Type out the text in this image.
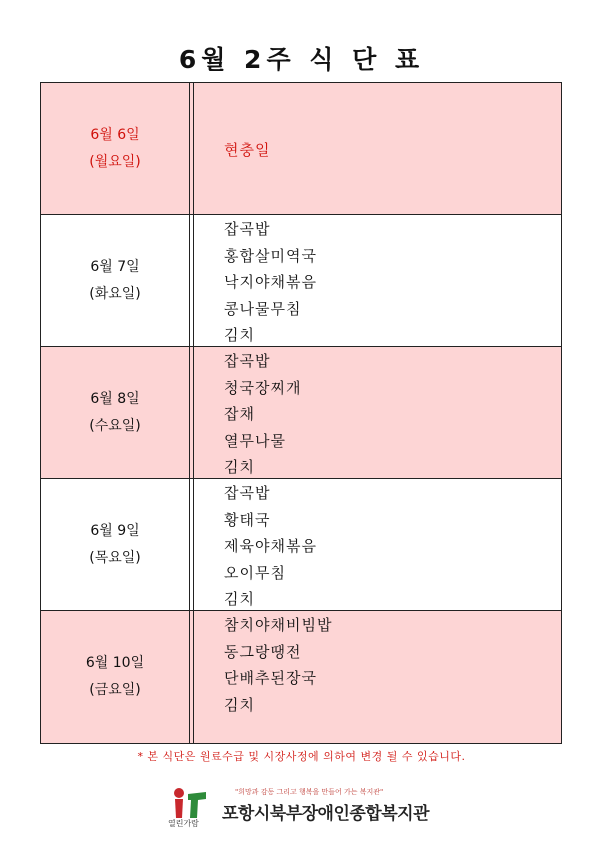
6월 2주 식 단 표
6월 6일
(월요일)
현충일
6월 7일
(화요일)
잡곡밥
홍합살미역국
낙지야채볶음
콩나물무침
김치
6월 8일
(수요일)
잡곡밥
청국장찌개
잡채
열무나물
김치
6월 9일
(목요일)
잡곡밥
황태국
제육야채볶음
오이무침
김치
6월 10일
(금요일)
참치야채비빔밥
동그랑땡전
단배추된장국
김치
* 본 식단은 원료수급 및 시장사정에 의하여 변경 될 수 있습니다.
열린가람
"희망과 감동 그리고 행복을 만들어 가는 복지관"
포항시북부장애인종합복지관
